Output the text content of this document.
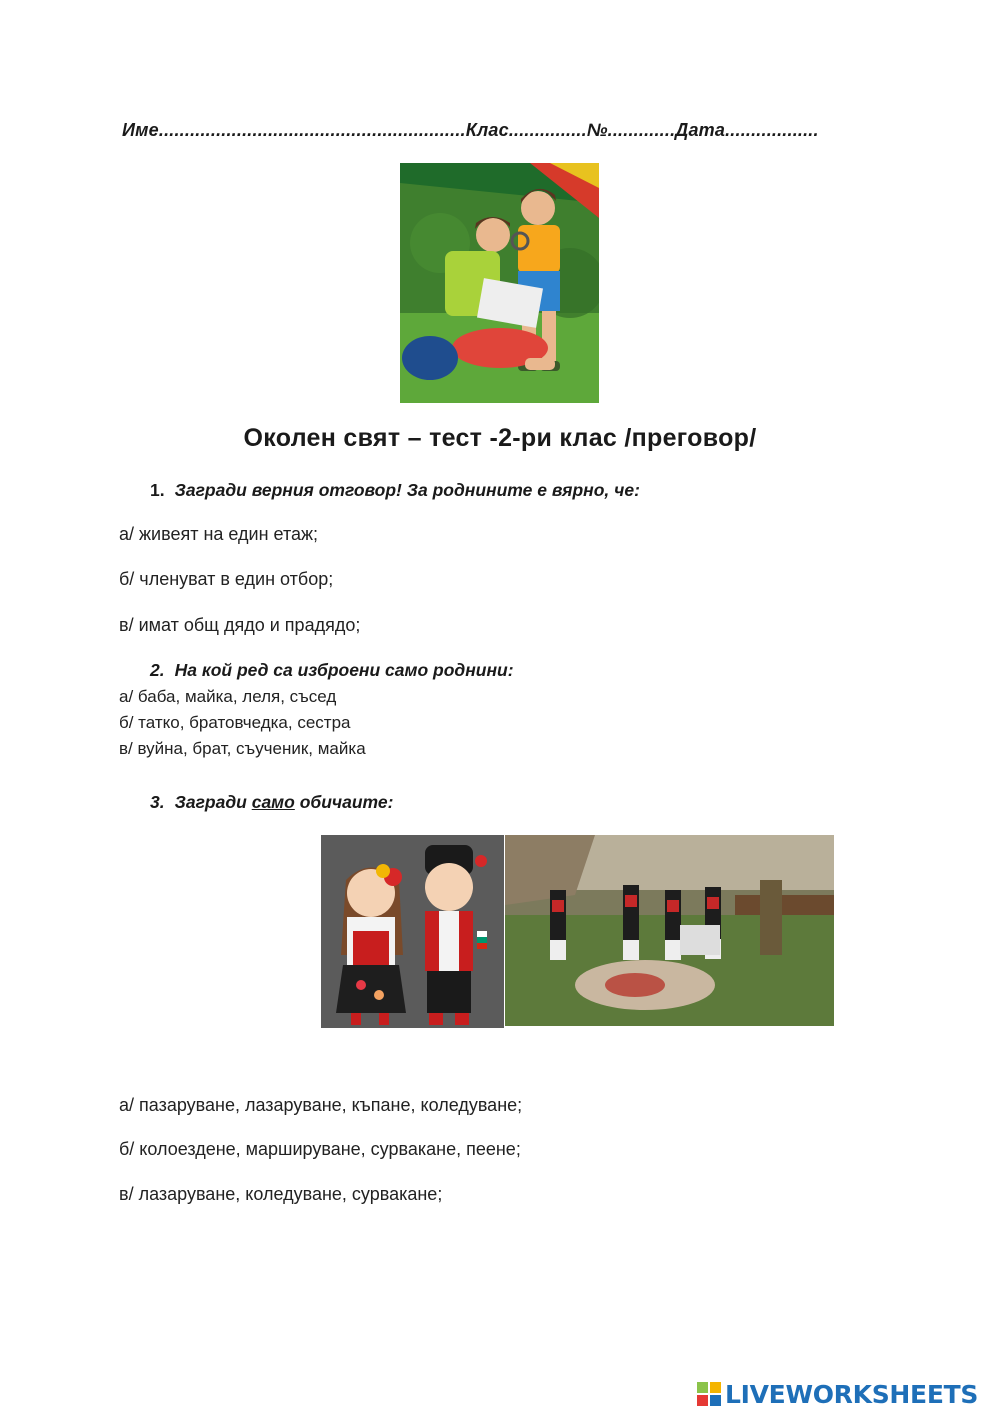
Име...........................................................Клас...............№.............Дата..................
Околен свят – тест -2-ри клас /преговор/
1. Загради верния отговор! За роднините е вярно, че:
а/ живеят на един етаж;
б/ членуват в един отбор;
в/ имат общ дядо и прадядо;
2. На кой ред са изброени само роднини:
а/ баба, майка, леля, съсед
б/ татко, братовчедка, сестра
в/ вуйна, брат, съученик, майка
3. Загради само обичаите:
а/ пазаруване, лазаруване, къпане, коледуване;
б/ колоездене, маршируване, сурвакане, пеене;
в/ лазаруване, коледуване, сурвакане;
LIVEWORKSHEETS
